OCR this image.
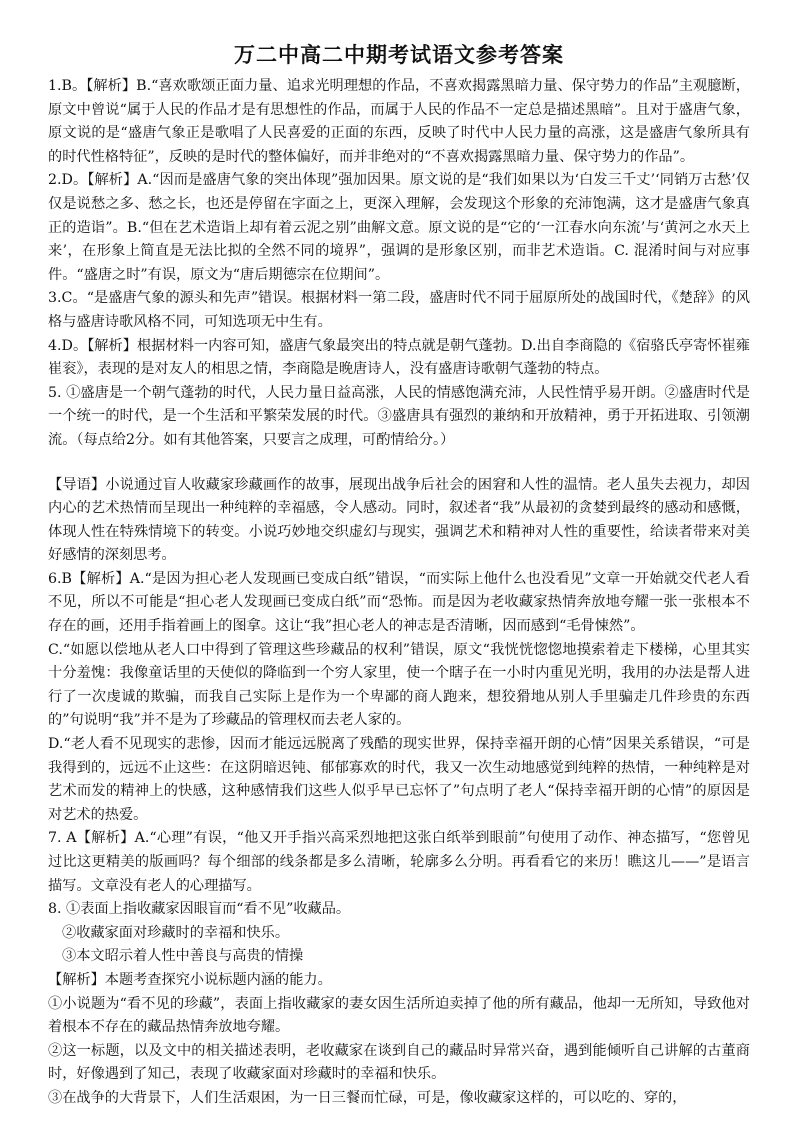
万二中高二中期考试语文参考答案

1.B。【解析】B.“喜欢歌颂正面力量、追求光明理想的作品，不喜欢揭露黑暗力量、保守势力的作品”主观臆断，原文中曾说“属于人民的作品才是有思想性的作品，而属于人民的作品不一定总是描述黑暗”。且对于盛唐气象，原文说的是“盛唐气象正是歌唱了人民喜爱的正面的东西，反映了时代中人民力量的高涨，这是盛唐气象所具有的时代性格特征”，反映的是时代的整体偏好，而并非绝对的“不喜欢揭露黑暗力量、保守势力的作品”。

2.D。【解析】A.“因而是盛唐气象的突出体现”强加因果。原文说的是“我们如果以为‘白发三千丈’‘同销万古愁’仅仅是说愁之多、愁之长，也还是停留在字面之上，更深入理解，会发现这个形象的充沛饱满，这才是盛唐气象真正的造诣”。B.“但在艺术造诣上却有着云泥之别”曲解文意。原文说的是“它的‘一江春水向东流’与‘黄河之水天上来’，在形象上简直是无法比拟的全然不同的境界”，强调的是形象区别，而非艺术造诣。C. 混淆时间与对应事件。“盛唐之时”有误，原文为“唐后期德宗在位期间”。

3.C。“是盛唐气象的源头和先声”错误。根据材料一第二段，盛唐时代不同于屈原所处的战国时代，《楚辞》的风格与盛唐诗歌风格不同，可知选项无中生有。

4.D。【解析】根据材料一内容可知，盛唐气象最突出的特点就是朝气蓬勃。D.出自李商隐的《宿骆氏亭寄怀崔雍崔衮》，表现的是对友人的相思之情，李商隐是晚唐诗人，没有盛唐诗歌朝气蓬勃的特点。

5. ①盛唐是一个朝气蓬勃的时代，人民力量日益高涨，人民的情感饱满充沛，人民性情乎易开朗。②盛唐时代是一个统一的时代，是一个生活和平繁荣发展的时代。③盛唐具有强烈的兼纳和开放精神，勇于开拓进取、引领潮流。（每点给2分。如有其他答案，只要言之成理，可酌情给分。）

【导语】小说通过盲人收藏家珍藏画作的故事，展现出战争后社会的困窘和人性的温情。老人虽失去视力，却因内心的艺术热情而呈现出一种纯粹的幸福感，令人感动。同时，叙述者“我”从最初的贪婪到最终的感动和感慨，体现人性在特殊情境下的转变。小说巧妙地交织虚幻与现实，强调艺术和精神对人性的重要性，给读者带来对美好感情的深刻思考。

6.B【解析】A.“是因为担心老人发现画已变成白纸”错误，“而实际上他什么也没看见”文章一开始就交代老人看不见，所以不可能是“担心老人发现画已变成白纸”而“恐怖。而是因为老收藏家热情奔放地夸耀一张一张根本不存在的画，还用手指着画上的图拿。这让“我”担心老人的神志是否清晰，因而感到“毛骨悚然”。

C.“如愿以偿地从老人口中得到了管理这些珍藏品的权利”错误，原文“我恍恍惚惚地摸索着走下楼梯，心里其实十分羞愧：我像童话里的天使似的降临到一个穷人家里，使一个瞎子在一小时内重见光明，我用的办法是帮人进行了一次虔诚的欺骗，而我自己实际上是作为一个卑鄙的商人跑来，想狡猾地从别人手里骗走几件珍贵的东西的”句说明“我”并不是为了珍藏品的管理权而去老人家的。

D.“老人看不见现实的悲惨，因而才能远远脱离了残酷的现实世界，保持幸福开朗的心情”因果关系错误，“可是我得到的，远远不止这些：在这阴暗迟钝、郁郁寡欢的时代，我又一次生动地感觉到纯粹的热情，一种纯粹是对艺术而发的精神上的快感，这种感情我们这些人似乎早已忘怀了”句点明了老人“保持幸福开朗的心情”的原因是对艺术的热爱。

7. A【解析】A.“心理”有误，“他又开手指兴高采烈地把这张白纸举到眼前”句使用了动作、神态描写，“您曾见过比这更精美的版画吗？每个细部的线条都是多么清晰，轮廓多么分明。再看看它的来历！瞧这儿——”是语言描写。文章没有老人的心理描写。

8. ①表面上指收藏家因眼盲而“看不见”收藏品。

②收藏家面对珍藏时的幸福和快乐。

③本文昭示着人性中善良与高贵的情操

【解析】本题考查探究小说标题内涵的能力。

①小说题为“看不见的珍藏”，表面上指收藏家的妻女因生活所迫卖掉了他的所有藏品，他却一无所知，导致他对着根本不存在的藏品热情奔放地夸耀。

②这一标题，以及文中的相关描述表明，老收藏家在谈到自己的藏品时异常兴奋，遇到能倾听自己讲解的古董商时，好像遇到了知己，表现了收藏家面对珍藏时的幸福和快乐。

③在战争的大背景下，人们生活艰困，为一日三餐而忙碌，可是，像收藏家这样的，可以吃的、穿的，
